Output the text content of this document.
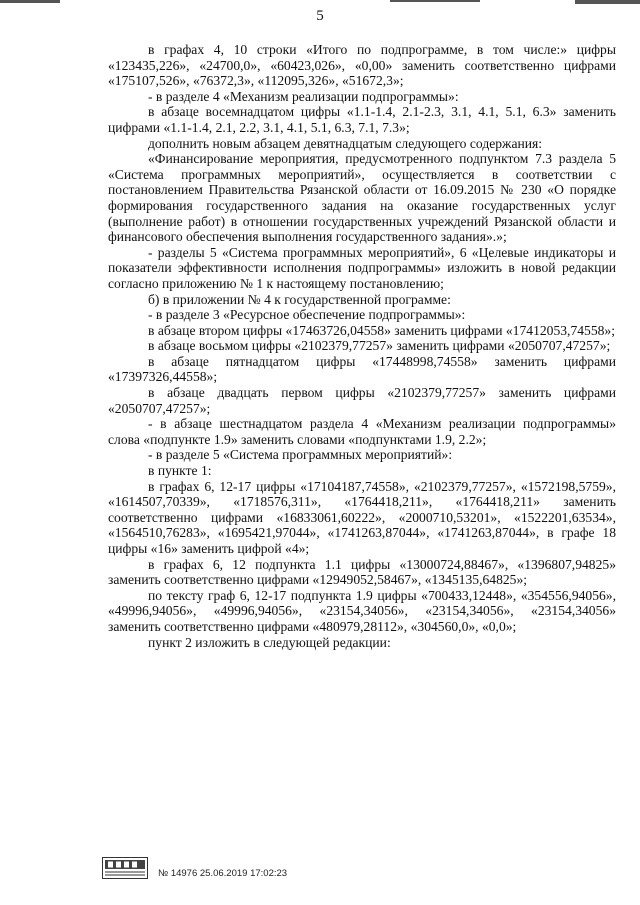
5

в графах 4, 10 строки «Итого по подпрограмме, в том числе:» цифры «123435,226», «24700,0», «60423,026», «0,00» заменить соответственно цифрами «175107,526», «76372,3», «112095,326», «51672,3»;

- в разделе 4 «Механизм реализации подпрограммы»:

в абзаце восемнадцатом цифры «1.1-1.4, 2.1-2.3, 3.1, 4.1, 5.1, 6.3» заменить цифрами «1.1-1.4, 2.1, 2.2, 3.1, 4.1, 5.1, 6.3, 7.1, 7.3»;

дополнить новым абзацем девятнадцатым следующего содержания:

«Финансирование мероприятия, предусмотренного подпунктом 7.3 раздела 5 «Система программных мероприятий», осуществляется в соответствии с постановлением Правительства Рязанской области от 16.09.2015 № 230 «О порядке формирования государственного задания на оказание государственных услуг (выполнение работ) в отношении государственных учреждений Рязанской области и финансового обеспечения выполнения государственного задания».»;

- разделы 5 «Система программных мероприятий», 6 «Целевые индикаторы и показатели эффективности исполнения подпрограммы» изложить в новой редакции согласно приложению № 1 к настоящему постановлению;

б) в приложении № 4 к государственной программе:

- в разделе 3 «Ресурсное обеспечение подпрограммы»:

в абзаце втором цифры «17463726,04558» заменить цифрами «17412053,74558»;

в абзаце восьмом цифры «2102379,77257» заменить цифрами «2050707,47257»;

в абзаце пятнадцатом цифры «17448998,74558» заменить цифрами «17397326,44558»;

в абзаце двадцать первом цифры «2102379,77257» заменить цифрами «2050707,47257»;

- в абзаце шестнадцатом раздела 4 «Механизм реализации подпрограммы» слова «подпункте 1.9» заменить словами «подпунктами 1.9, 2.2»;

- в разделе 5 «Система программных мероприятий»:

в пункте 1:

в графах 6, 12-17 цифры «17104187,74558», «2102379,77257», «1572198,5759», «1614507,70339», «1718576,311», «1764418,211», «1764418,211» заменить соответственно цифрами «16833061,60222», «2000710,53201», «1522201,63534», «1564510,76283», «1695421,97044», «1741263,87044», «1741263,87044», в графе 18 цифры «16» заменить цифрой «4»;

в графах 6, 12 подпункта 1.1 цифры «13000724,88467», «1396807,94825» заменить соответственно цифрами «12949052,58467», «1345135,64825»;

по тексту граф 6, 12-17 подпункта 1.9 цифры «700433,12448», «354556,94056», «49996,94056», «49996,94056», «23154,34056», «23154,34056», «23154,34056» заменить соответственно цифрами «480979,28112», «304560,0», «0,0»;

пункт 2 изложить в следующей редакции:

№ 14976 25.06.2019 17:02:23
